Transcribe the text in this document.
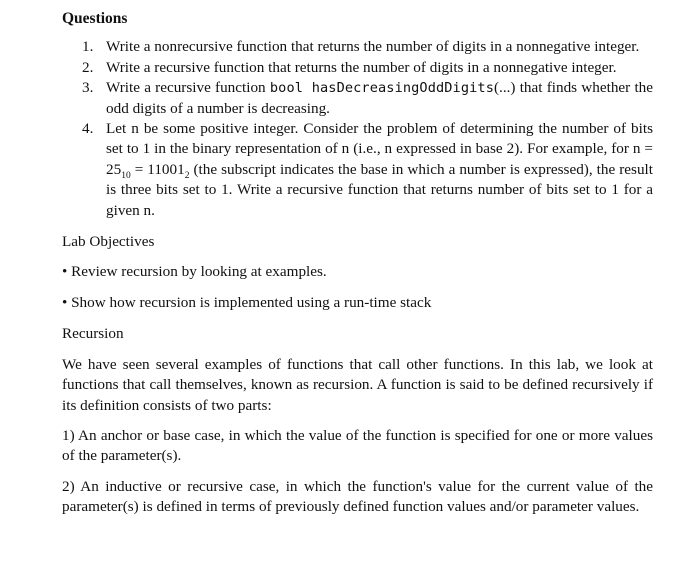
Questions
1. Write a nonrecursive function that returns the number of digits in a nonnegative integer.
2. Write a recursive function that returns the number of digits in a nonnegative integer.
3. Write a recursive function bool hasDecreasingOddDigits(...) that finds whether the odd digits of a number is decreasing.
4. Let n be some positive integer. Consider the problem of determining the number of bits set to 1 in the binary representation of n (i.e., n expressed in base 2). For example, for $n = 25_{10} = 11001_2$ (the subscript indicates the base in which a number is expressed), the result is three bits set to 1. Write a recursive function that returns number of bits set to 1 for a given n.
Lab Objectives
• Review recursion by looking at examples.
• Show how recursion is implemented using a run-time stack
Recursion
We have seen several examples of functions that call other functions. In this lab, we look at functions that call themselves, known as recursion. A function is said to be defined recursively if its definition consists of two parts:
1) An anchor or base case, in which the value of the function is specified for one or more values of the parameter(s).
2) An inductive or recursive case, in which the function's value for the current value of the parameter(s) is defined in terms of previously defined function values and/or parameter values.
